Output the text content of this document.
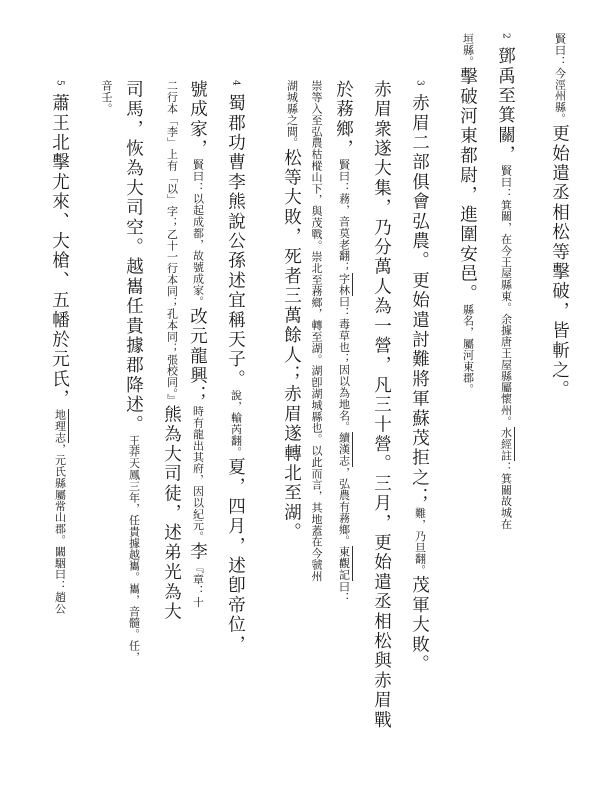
賢曰：今涇州縣。更始遣丞相松等擊破，皆斬之。
2鄧禹至箕關，賢曰：箕關，在今王屋縣東。余據唐王屋縣屬懷州。水經註：箕關故城在
垣縣。擊破河東都尉，進圍安邑。縣名，屬河東郡。
3赤眉二部俱會弘農。更始遣討難將軍蘇茂拒之；難，乃旦翻。茂軍大敗。
赤眉衆遂大集，乃分萬人為一營，凡三十營。三月，更始遣丞相松與赤眉戰
於蓩鄉，賢曰：蓩，音莫老翻；字林曰：毒草也；因以為地名。續漢志，弘農有蓩鄉。東觀記曰：
崇等入至弘農枯樅山下，與茂戰。崇北至蓩鄉，轉至湖。湖卽湖城縣也。以此而言，其地蓋在今虢州
湖城縣之間。松等大敗，死者三萬餘人；赤眉遂轉北至湖。
4蜀郡功曹李熊說公孫述宜稱天子。說，輸芮翻。夏，四月，述卽帝位，
號成家，賢曰：以起成都，故號成家。改元龍興；時有龍出其府，因以紀元。李『章：十
二行本「李」上有「以」字；乙十一行本同；孔本同；張校同。』熊為大司徒，述弟光為大
司馬，恢為大司空。越巂任貴據郡降述。王莽天鳳三年，任貴據越巂。巂，音髓。任，
音壬。
5蕭王北擊尤來、大槍、五幡於元氏，地理志，元氏縣屬常山郡。闞駰曰：趙公
